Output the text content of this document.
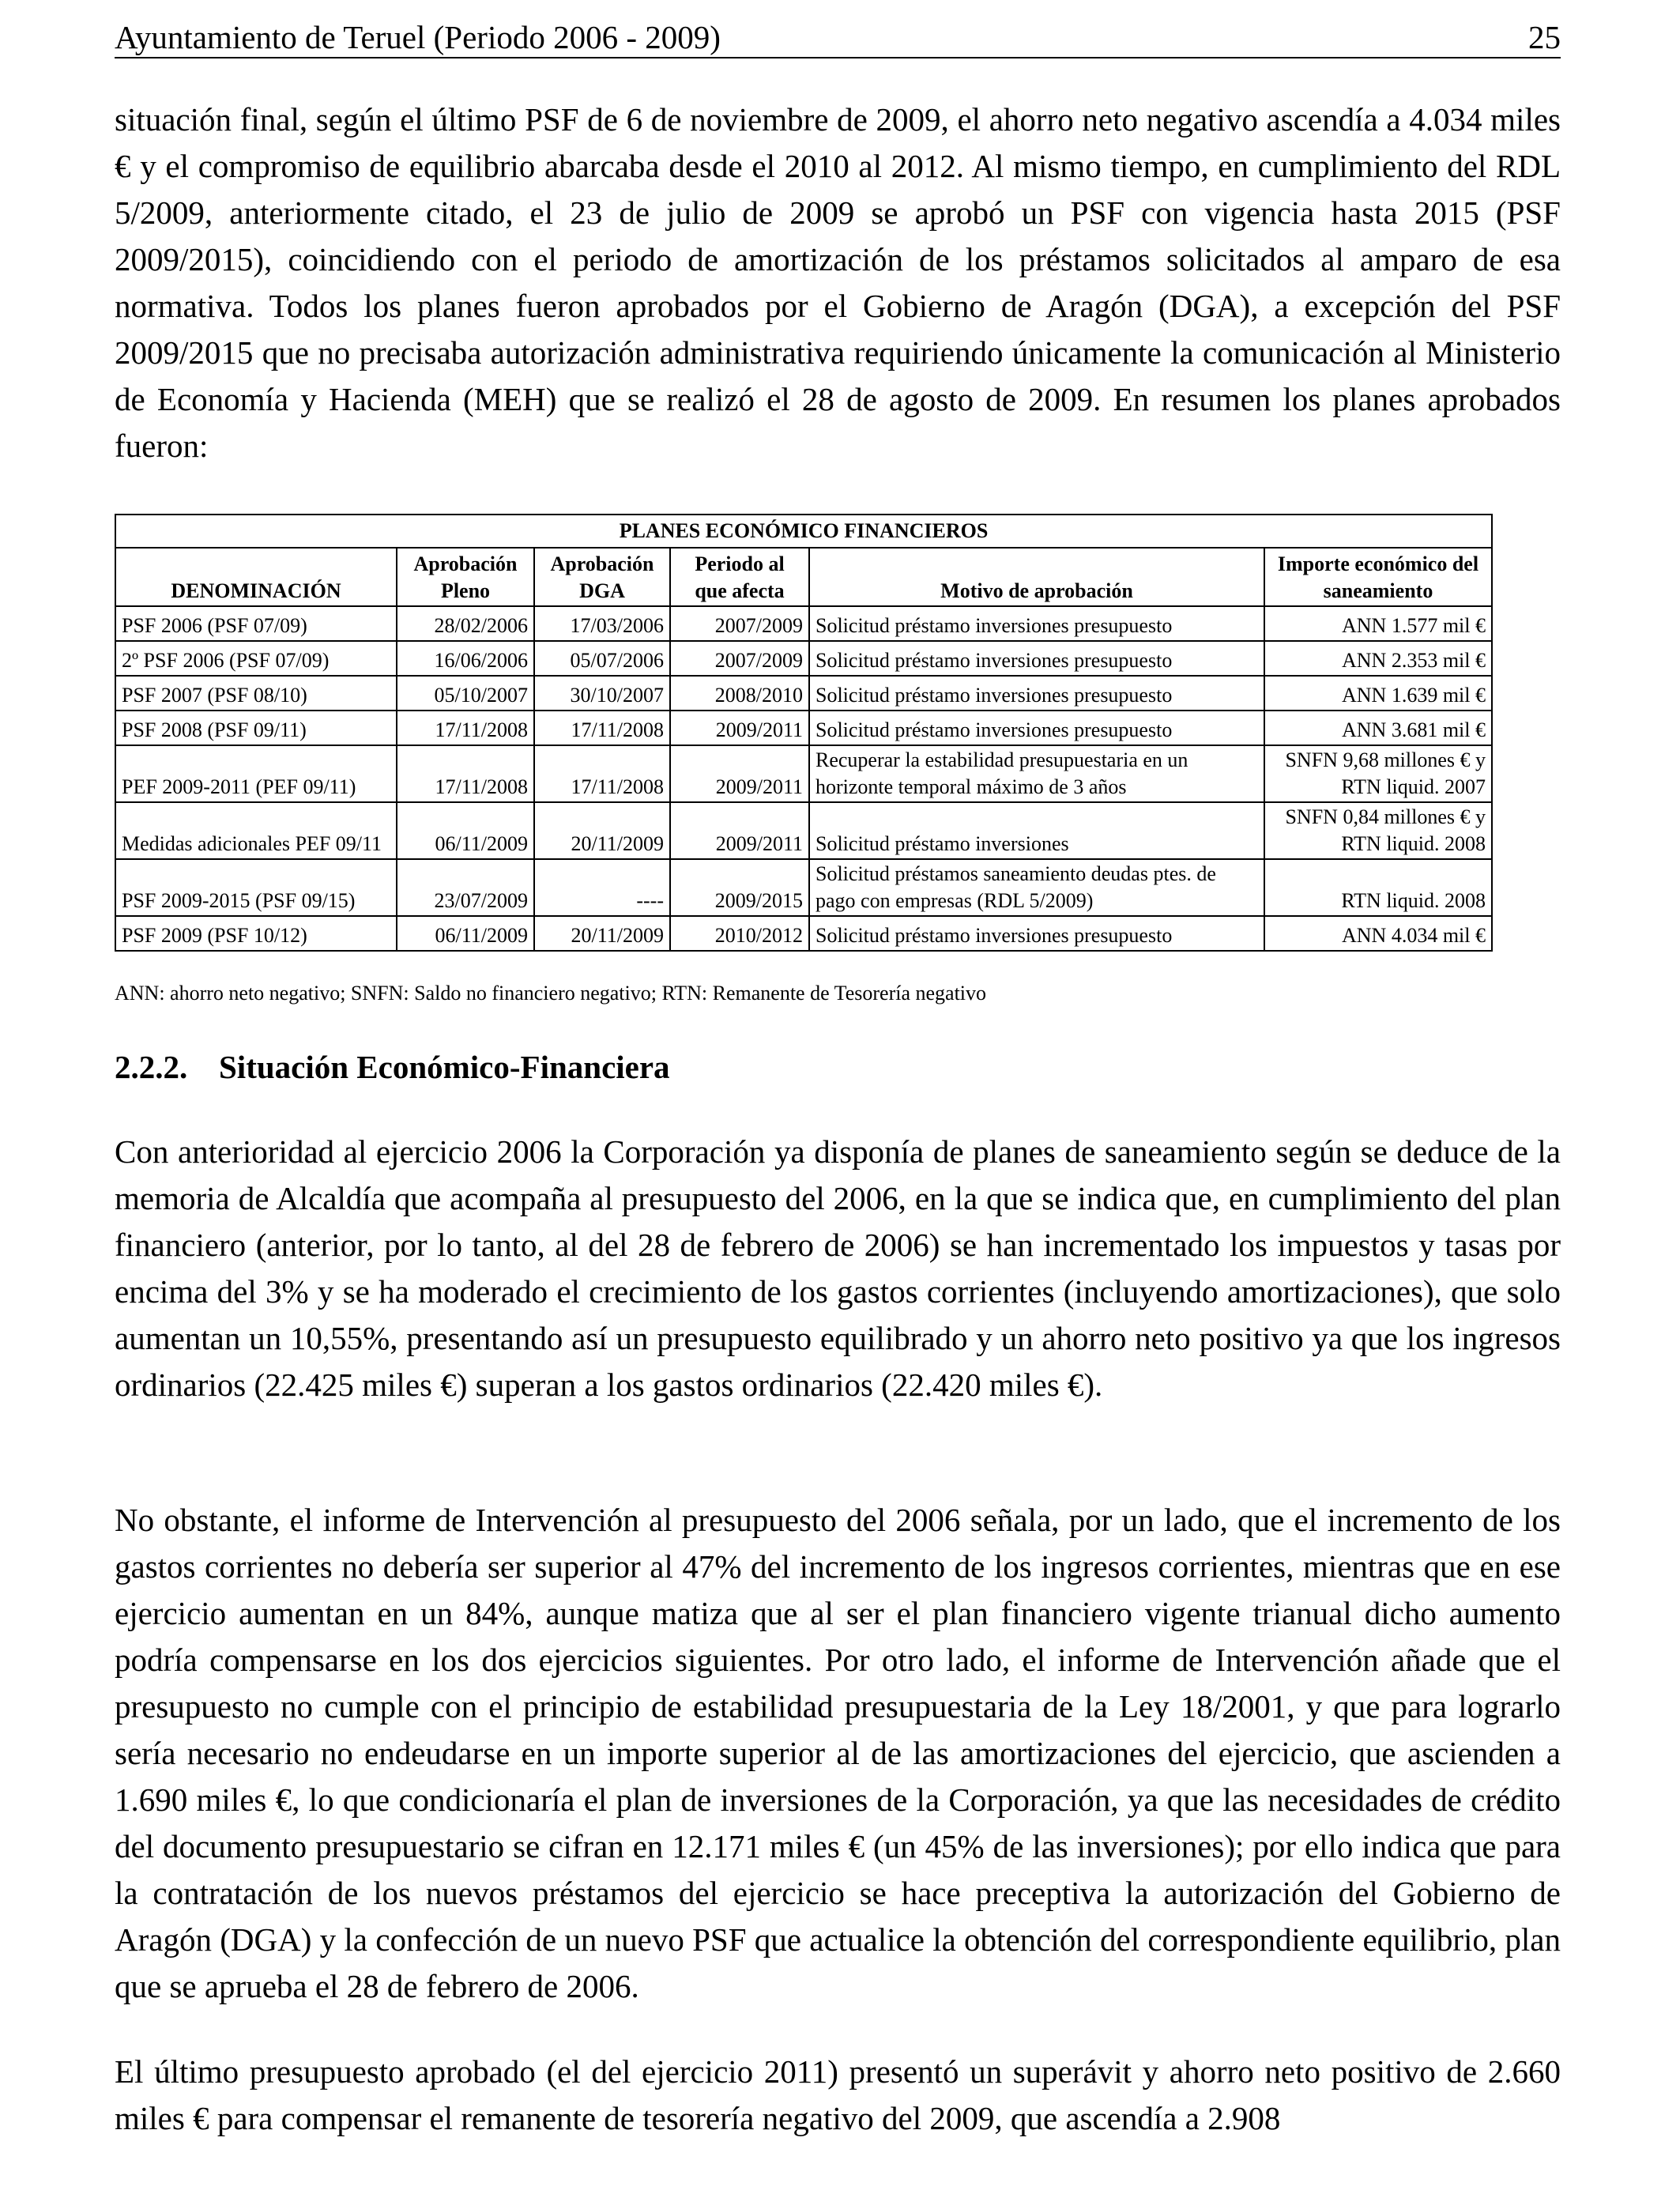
Ayuntamiento de Teruel (Periodo 2006 - 2009)	25

situación final, según el último PSF de 6 de noviembre de 2009, el ahorro neto negativo ascendía a 4.034 miles € y el compromiso de equilibrio abarcaba desde el 2010 al 2012. Al mismo tiempo, en cumplimiento del RDL 5/2009, anteriormente citado, el 23 de julio de 2009 se aprobó un PSF con vigencia hasta 2015 (PSF 2009/2015), coincidiendo con el periodo de amortización de los préstamos solicitados al amparo de esa normativa. Todos los planes fueron aprobados por el Gobierno de Aragón (DGA), a excepción del PSF 2009/2015 que no precisaba autorización administrativa requiriendo únicamente la comunicación al Ministerio de Economía y Hacienda (MEH) que se realizó el 28 de agosto de 2009. En resumen los planes aprobados fueron:

PLANES ECONÓMICO FINANCIEROS					
DENOMINACIÓN	Aprobación Pleno	Aprobación DGA	Periodo al que afecta	Motivo de aprobación	Importe económico del saneamiento
PSF 2006 (PSF 07/09)	28/02/2006	17/03/2006	2007/2009	Solicitud préstamo inversiones presupuesto	ANN 1.577 mil €
2º PSF 2006 (PSF 07/09)	16/06/2006	05/07/2006	2007/2009	Solicitud préstamo inversiones presupuesto	ANN 2.353 mil €
PSF 2007 (PSF 08/10)	05/10/2007	30/10/2007	2008/2010	Solicitud préstamo inversiones presupuesto	ANN 1.639 mil €
PSF 2008 (PSF 09/11)	17/11/2008	17/11/2008	2009/2011	Solicitud préstamo inversiones presupuesto	ANN 3.681 mil €
PEF 2009-2011 (PEF 09/11)	17/11/2008	17/11/2008	2009/2011	Recuperar la estabilidad presupuestaria en un horizonte temporal máximo de 3 años	SNFN 9,68 millones € y RTN liquid. 2007
Medidas adicionales PEF 09/11	06/11/2009	20/11/2009	2009/2011	Solicitud préstamo inversiones	SNFN 0,84 millones € y RTN liquid. 2008
PSF 2009-2015 (PSF 09/15)	23/07/2009	----	2009/2015	Solicitud préstamos saneamiento deudas ptes. de pago con empresas (RDL 5/2009)	RTN liquid. 2008
PSF 2009 (PSF 10/12)	06/11/2009	20/11/2009	2010/2012	Solicitud préstamo inversiones presupuesto	ANN 4.034 mil €
ANN: ahorro neto negativo; SNFN: Saldo no financiero negativo; RTN: Remanente de Tesorería negativo
2.2.2. Situación Económico-Financiera

Con anterioridad al ejercicio 2006 la Corporación ya disponía de planes de saneamiento según se deduce de la memoria de Alcaldía que acompaña al presupuesto del 2006, en la que se indica que, en cumplimiento del plan financiero (anterior, por lo tanto, al del 28 de febrero de 2006) se han incrementado los impuestos y tasas por encima del 3% y se ha moderado el crecimiento de los gastos corrientes (incluyendo amortizaciones), que solo aumentan un 10,55%, presentando así un presupuesto equilibrado y un ahorro neto positivo ya que los ingresos ordinarios (22.425 miles €) superan a los gastos ordinarios (22.420 miles €).

No obstante, el informe de Intervención al presupuesto del 2006 señala, por un lado, que el incremento de los gastos corrientes no debería ser superior al 47% del incremento de los ingresos corrientes, mientras que en ese ejercicio aumentan en un 84%, aunque matiza que al ser el plan financiero vigente trianual dicho aumento podría compensarse en los dos ejercicios siguientes. Por otro lado, el informe de Intervención añade que el presupuesto no cumple con el principio de estabilidad presupuestaria de la Ley 18/2001, y que para lograrlo sería necesario no endeudarse en un importe superior al de las amortizaciones del ejercicio, que ascienden a 1.690 miles €, lo que condicionaría el plan de inversiones de la Corporación, ya que las necesidades de crédito del documento presupuestario se cifran en 12.171 miles € (un 45% de las inversiones); por ello indica que para la contratación de los nuevos préstamos del ejercicio se hace preceptiva la autorización del Gobierno de Aragón (DGA) y la confección de un nuevo PSF que actualice la obtención del correspondiente equilibrio, plan que se aprueba el 28 de febrero de 2006.

El último presupuesto aprobado (el del ejercicio 2011) presentó un superávit y ahorro neto positivo de 2.660 miles € para compensar el remanente de tesorería negativo del 2009, que ascendía a 2.908
